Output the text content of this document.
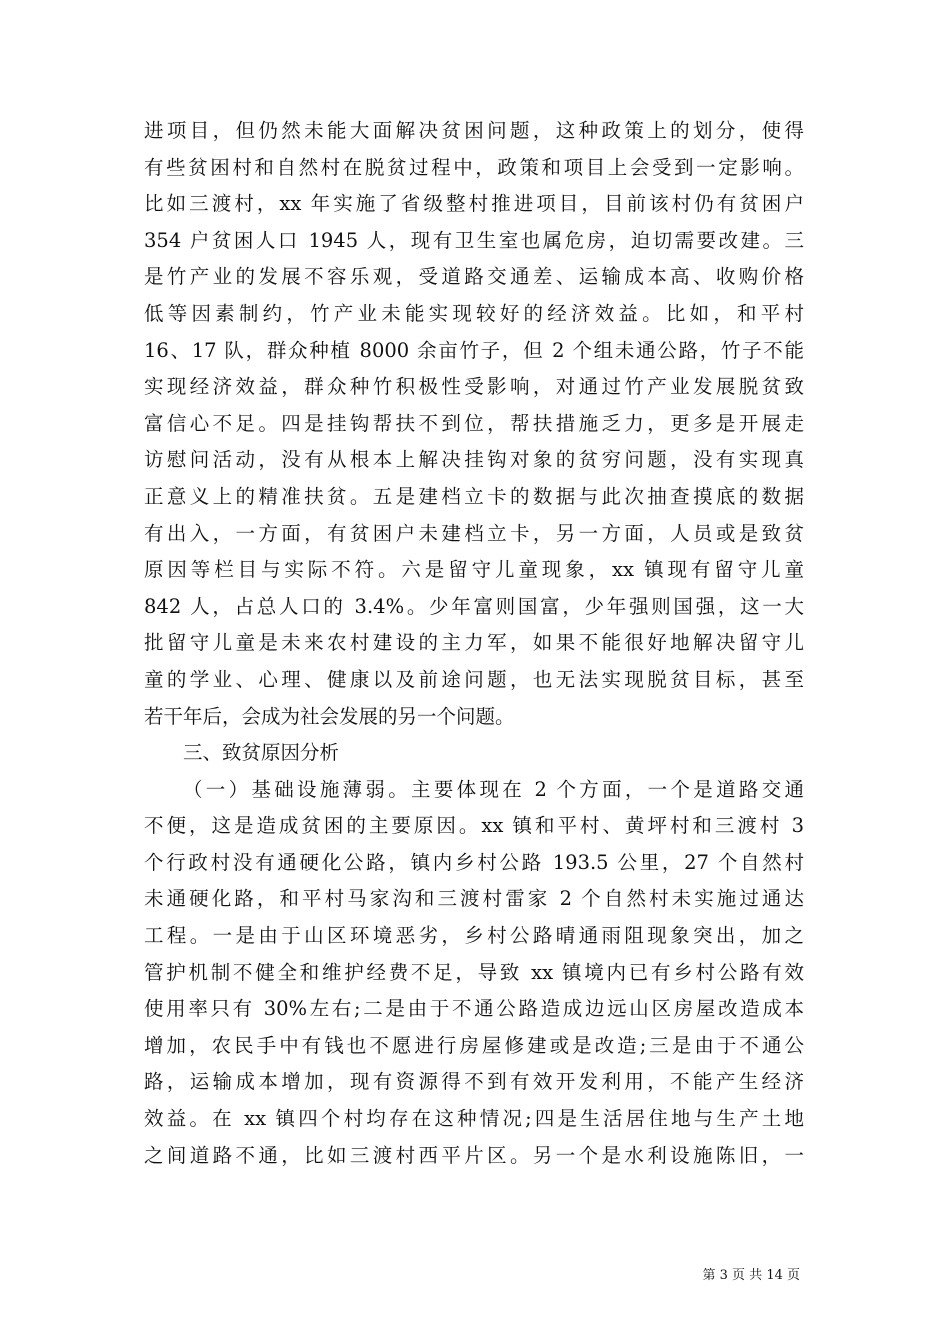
进项目，但仍然未能大面解决贫困问题，这种政策上的划分，使得
有些贫困村和自然村在脱贫过程中，政策和项目上会受到一定影响。
比如三渡村，xx 年实施了省级整村推进项目，目前该村仍有贫困户
354 户贫困人口 1945 人，现有卫生室也属危房，迫切需要改建。三
是竹产业的发展不容乐观，受道路交通差、运输成本高、收购价格
低等因素制约，竹产业未能实现较好的经济效益。比如，和平村
16、17 队，群众种植 8000 余亩竹子，但 2 个组未通公路，竹子不能
实现经济效益，群众种竹积极性受影响，对通过竹产业发展脱贫致
富信心不足。四是挂钩帮扶不到位，帮扶措施乏力，更多是开展走
访慰问活动，没有从根本上解决挂钩对象的贫穷问题，没有实现真
正意义上的精准扶贫。五是建档立卡的数据与此次抽查摸底的数据
有出入，一方面，有贫困户未建档立卡，另一方面，人员或是致贫
原因等栏目与实际不符。六是留守儿童现象，xx 镇现有留守儿童
842 人，占总人口的 3.4%。少年富则国富，少年强则国强，这一大
批留守儿童是未来农村建设的主力军，如果不能很好地解决留守儿
童的学业、心理、健康以及前途问题，也无法实现脱贫目标，甚至
若干年后，会成为社会发展的另一个问题。
三、致贫原因分析
（一）基础设施薄弱。主要体现在 2 个方面，一个是道路交通
不便，这是造成贫困的主要原因。xx 镇和平村、黄坪村和三渡村 3
个行政村没有通硬化公路，镇内乡村公路 193.5 公里，27 个自然村
未通硬化路，和平村马家沟和三渡村雷家 2 个自然村未实施过通达
工程。一是由于山区环境恶劣，乡村公路晴通雨阻现象突出，加之
管护机制不健全和维护经费不足，导致 xx 镇境内已有乡村公路有效
使用率只有 30%左右;二是由于不通公路造成边远山区房屋改造成本
增加，农民手中有钱也不愿进行房屋修建或是改造;三是由于不通公
路，运输成本增加，现有资源得不到有效开发利用，不能产生经济
效益。在 xx 镇四个村均存在这种情况;四是生活居住地与生产土地
之间道路不通，比如三渡村西平片区。另一个是水利设施陈旧，一
第 3 页 共 14 页
